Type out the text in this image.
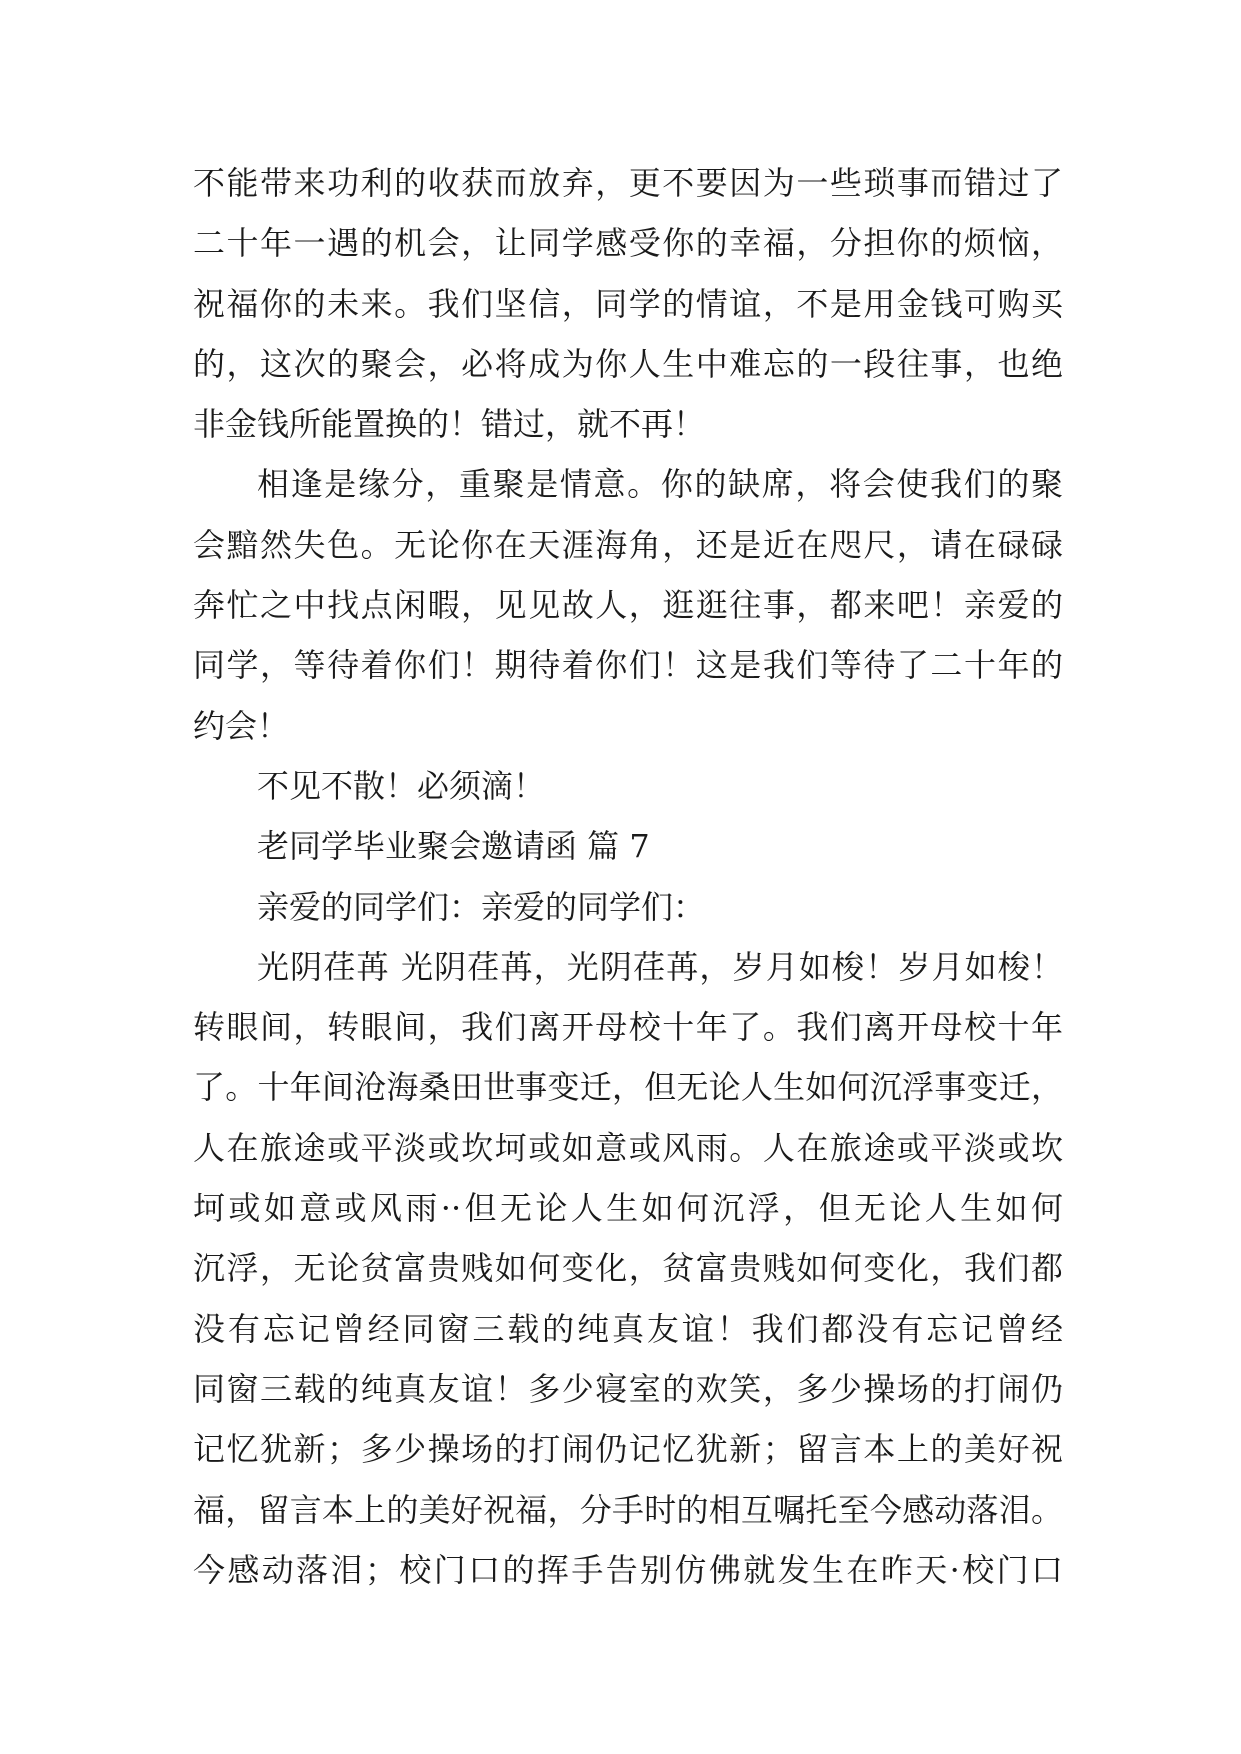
不能带来功利的收获而放弃，更不要因为一些琐事而错过了
二十年一遇的机会，让同学感受你的幸福，分担你的烦恼，
祝福你的未来。我们坚信，同学的情谊，不是用金钱可购买
的，这次的聚会，必将成为你人生中难忘的一段往事，也绝
非金钱所能置换的！错过，就不再！
相逢是缘分，重聚是情意。你的缺席，将会使我们的聚
会黯然失色。无论你在天涯海角，还是近在咫尺，请在碌碌
奔忙之中找点闲暇，见见故人，逛逛往事，都来吧！亲爱的
同学，等待着你们！期待着你们！这是我们等待了二十年的
约会！
不见不散！必须滴！
老同学毕业聚会邀请函 篇 7
亲爱的同学们：亲爱的同学们：
光阴荏苒 光阴荏苒，光阴荏苒，岁月如梭！岁月如梭！
转眼间，转眼间，我们离开母校十年了。我们离开母校十年
了。十年间沧海桑田世事变迁，但无论人生如何沉浮事变迁，
人在旅途或平淡或坎坷或如意或风雨。人在旅途或平淡或坎
坷或如意或风雨··但无论人生如何沉浮，但无论人生如何
沉浮，无论贫富贵贱如何变化，贫富贵贱如何变化，我们都
没有忘记曾经同窗三载的纯真友谊！我们都没有忘记曾经
同窗三载的纯真友谊！多少寝室的欢笑，多少操场的打闹仍
记忆犹新；多少操场的打闹仍记忆犹新；留言本上的美好祝
福，留言本上的美好祝福，分手时的相互嘱托至今感动落泪。
今感动落泪；校门口的挥手告别仿佛就发生在昨天·校门口
